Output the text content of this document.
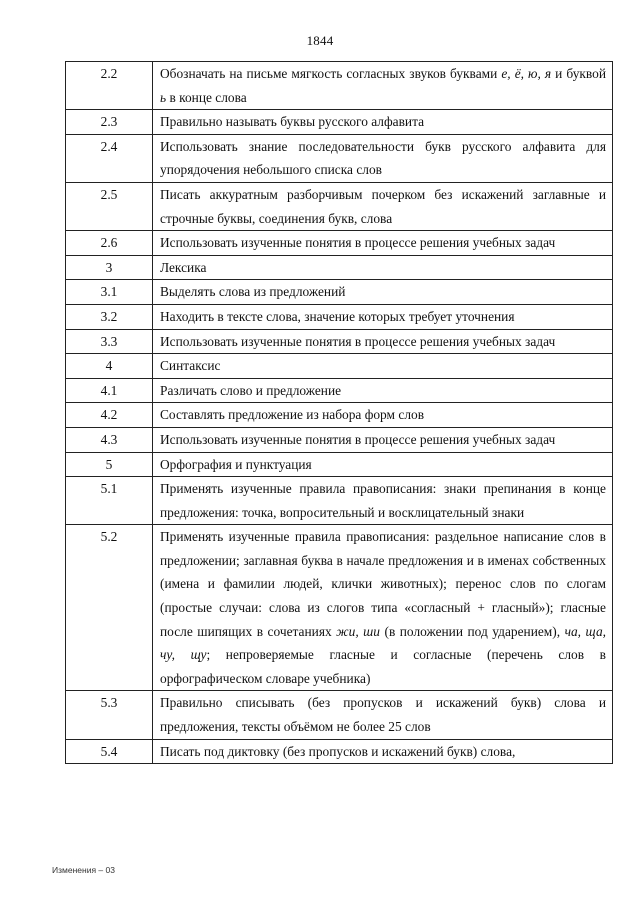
1844
2.2	Обозначать на письме мягкость согласных звуков буквами е, ё, ю, я и буквой ь в конце слова
2.3	Правильно называть буквы русского алфавита
2.4	Использовать знание последовательности букв русского алфавита для упорядочения небольшого списка слов
2.5	Писать аккуратным разборчивым почерком без искажений заглавные и строчные буквы, соединения букв, слова
2.6	Использовать изученные понятия в процессе решения учебных задач
3	Лексика
3.1	Выделять слова из предложений
3.2	Находить в тексте слова, значение которых требует уточнения
3.3	Использовать изученные понятия в процессе решения учебных задач
4	Синтаксис
4.1	Различать слово и предложение
4.2	Составлять предложение из набора форм слов
4.3	Использовать изученные понятия в процессе решения учебных задач
5	Орфография и пунктуация
5.1	Применять изученные правила правописания: знаки препинания в конце предложения: точка, вопросительный и восклицательный знаки
5.2	Применять изученные правила правописания: раздельное написание слов в предложении; заглавная буква в начале предложения и в именах собственных (имена и фамилии людей, клички животных); перенос слов по слогам (простые случаи: слова из слогов типа «согласный + гласный»); гласные после шипящих в сочетаниях жи, ши (в положении под ударением), ча, ща, чу, щу; непроверяемые гласные и согласные (перечень слов в орфографическом словаре учебника)
5.3	Правильно списывать (без пропусков и искажений букв) слова и предложения, тексты объёмом не более 25 слов
5.4	Писать под диктовку (без пропусков и искажений букв) слова,
Изменения – 03
